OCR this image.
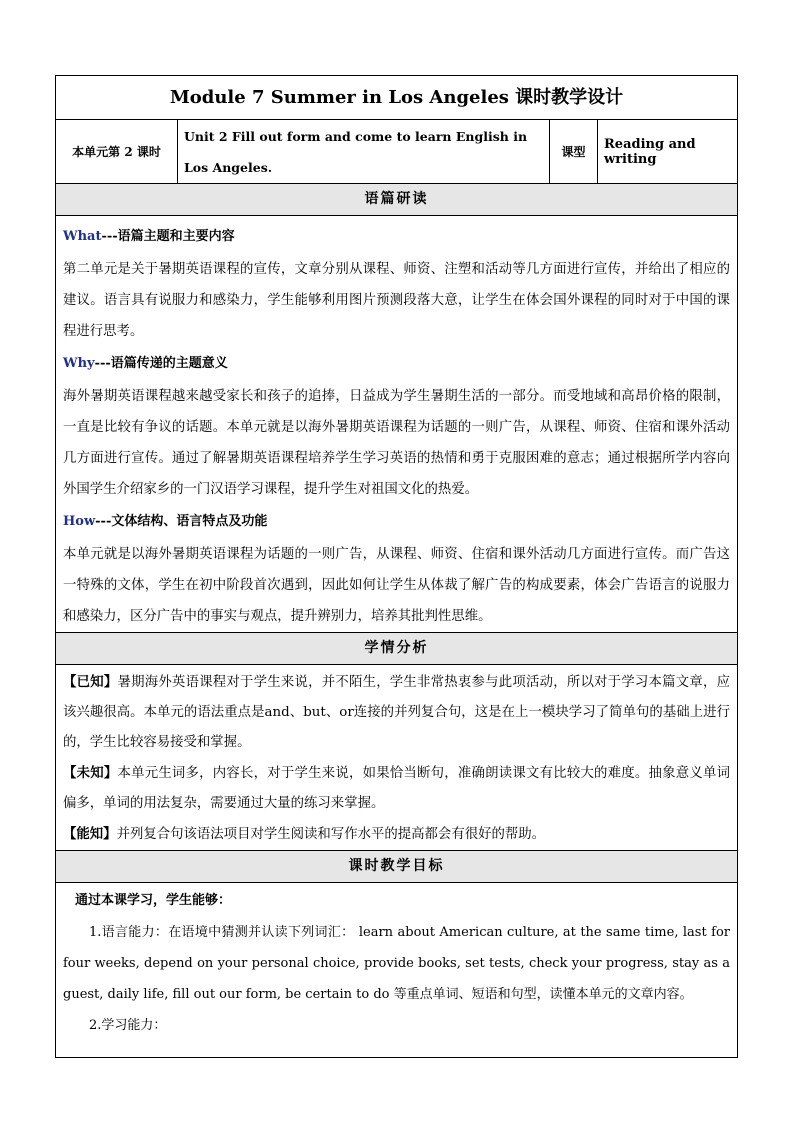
Module 7 Summer in Los Angeles 课时教学设计
本单元第 2 课时
Unit 2 Fill out form and come to learn English in Los Angeles.
课型
Reading and writing
语篇研读
What---语篇主题和主要内容

第二单元是关于暑期英语课程的宣传，文章分别从课程、师资、注塑和活动等几方面进行宣传，并给出了相应的建议。语言具有说服力和感染力，学生能够利用图片预测段落大意，让学生在体会国外课程的同时对于中国的课程进行思考。

Why---语篇传递的主题意义

海外暑期英语课程越来越受家长和孩子的追捧，日益成为学生暑期生活的一部分。而受地域和高昂价格的限制，一直是比较有争议的话题。本单元就是以海外暑期英语课程为话题的一则广告，从课程、师资、住宿和课外活动几方面进行宣传。通过了解暑期英语课程培养学生学习英语的热情和勇于克服困难的意志；通过根据所学内容向外国学生介绍家乡的一门汉语学习课程，提升学生对祖国文化的热爱。

How---文体结构、语言特点及功能

本单元就是以海外暑期英语课程为话题的一则广告，从课程、师资、住宿和课外活动几方面进行宣传。而广告这一特殊的文体，学生在初中阶段首次遇到，因此如何让学生从体裁了解广告的构成要素，体会广告语言的说服力和感染力，区分广告中的事实与观点，提升辨别力，培养其批判性思维。

学情分析

【已知】暑期海外英语课程对于学生来说，并不陌生，学生非常热衷参与此项活动，所以对于学习本篇文章，应该兴趣很高。本单元的语法重点是and、but、or连接的并列复合句，这是在上一模块学习了简单句的基础上进行的，学生比较容易接受和掌握。

【未知】本单元生词多，内容长，对于学生来说，如果恰当断句，准确朗读课文有比较大的难度。抽象意义单词偏多，单词的用法复杂，需要通过大量的练习来掌握。

【能知】并列复合句该语法项目对学生阅读和写作水平的提高都会有很好的帮助。

课时教学目标
通过本课学习，学生能够：

1.语言能力：在语境中猜测并认读下列词汇： learn about American culture, at the same time, last for four weeks, depend on your personal choice, provide books, set tests, check your progress, stay as a guest, daily life, fill out our form, be certain to do 等重点单词、短语和句型，读懂本单元的文章内容。

2.学习能力：
